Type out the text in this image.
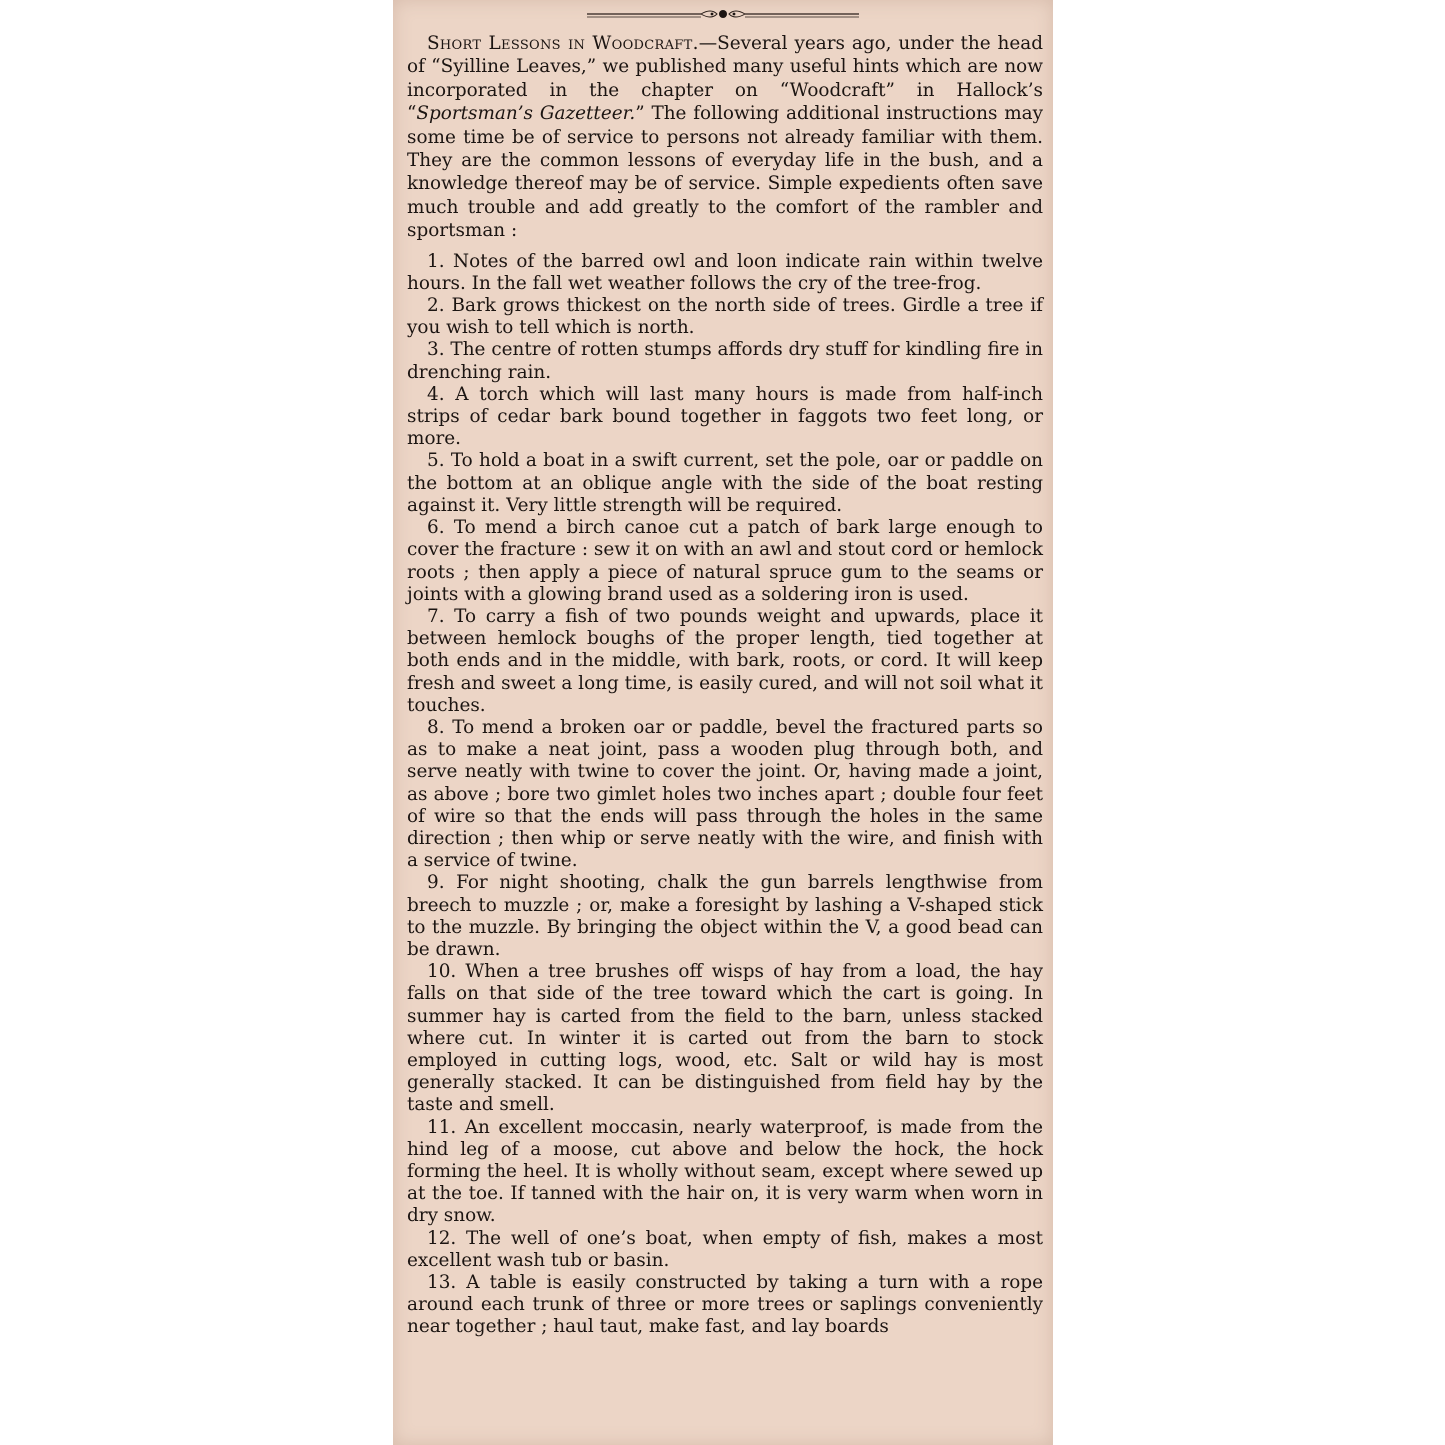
Short Lessons in Woodcraft.—Several years ago, under the head of “Syilline Leaves,” we published many useful hints which are now incorporated in the chapter on “Woodcraft” in Hallock’s “Sportsman’s Gazetteer.” The following additional instructions may some time be of service to persons not already familiar with them. They are the common lessons of everyday life in the bush, and a knowledge thereof may be of service. Simple expedients often save much trouble and add greatly to the comfort of the rambler and sportsman :

1. Notes of the barred owl and loon indicate rain within twelve hours. In the fall wet weather follows the cry of the tree-frog.

2. Bark grows thickest on the north side of trees. Girdle a tree if you wish to tell which is north.

3. The centre of rotten stumps affords dry stuff for kindling fire in drenching rain.

4. A torch which will last many hours is made from half-inch strips of cedar bark bound together in faggots two feet long, or more.

5. To hold a boat in a swift current, set the pole, oar or paddle on the bottom at an oblique angle with the side of the boat resting against it. Very little strength will be required.

6. To mend a birch canoe cut a patch of bark large enough to cover the fracture : sew it on with an awl and stout cord or hemlock roots ; then apply a piece of natural spruce gum to the seams or joints with a glowing brand used as a soldering iron is used.

7. To carry a fish of two pounds weight and upwards, place it between hemlock boughs of the proper length, tied together at both ends and in the middle, with bark, roots, or cord. It will keep fresh and sweet a long time, is easily cured, and will not soil what it touches.

8. To mend a broken oar or paddle, bevel the fractured parts so as to make a neat joint, pass a wooden plug through both, and serve neatly with twine to cover the joint. Or, having made a joint, as above ; bore two gimlet holes two inches apart ; double four feet of wire so that the ends will pass through the holes in the same direction ; then whip or serve neatly with the wire, and finish with a service of twine.

9. For night shooting, chalk the gun barrels lengthwise from breech to muzzle ; or, make a foresight by lashing a V-shaped stick to the muzzle. By bringing the object within the V, a good bead can be drawn.

10. When a tree brushes off wisps of hay from a load, the hay falls on that side of the tree toward which the cart is going. In summer hay is carted from the field to the barn, unless stacked where cut. In winter it is carted out from the barn to stock employed in cutting logs, wood, etc. Salt or wild hay is most generally stacked. It can be distinguished from field hay by the taste and smell.

11. An excellent moccasin, nearly waterproof, is made from the hind leg of a moose, cut above and below the hock, the hock forming the heel. It is wholly without seam, except where sewed up at the toe. If tanned with the hair on, it is very warm when worn in dry snow.

12. The well of one’s boat, when empty of fish, makes a most excellent wash tub or basin.

13. A table is easily constructed by taking a turn with a rope around each trunk of three or more trees or saplings conveniently near together ; haul taut, make fast, and lay boards
